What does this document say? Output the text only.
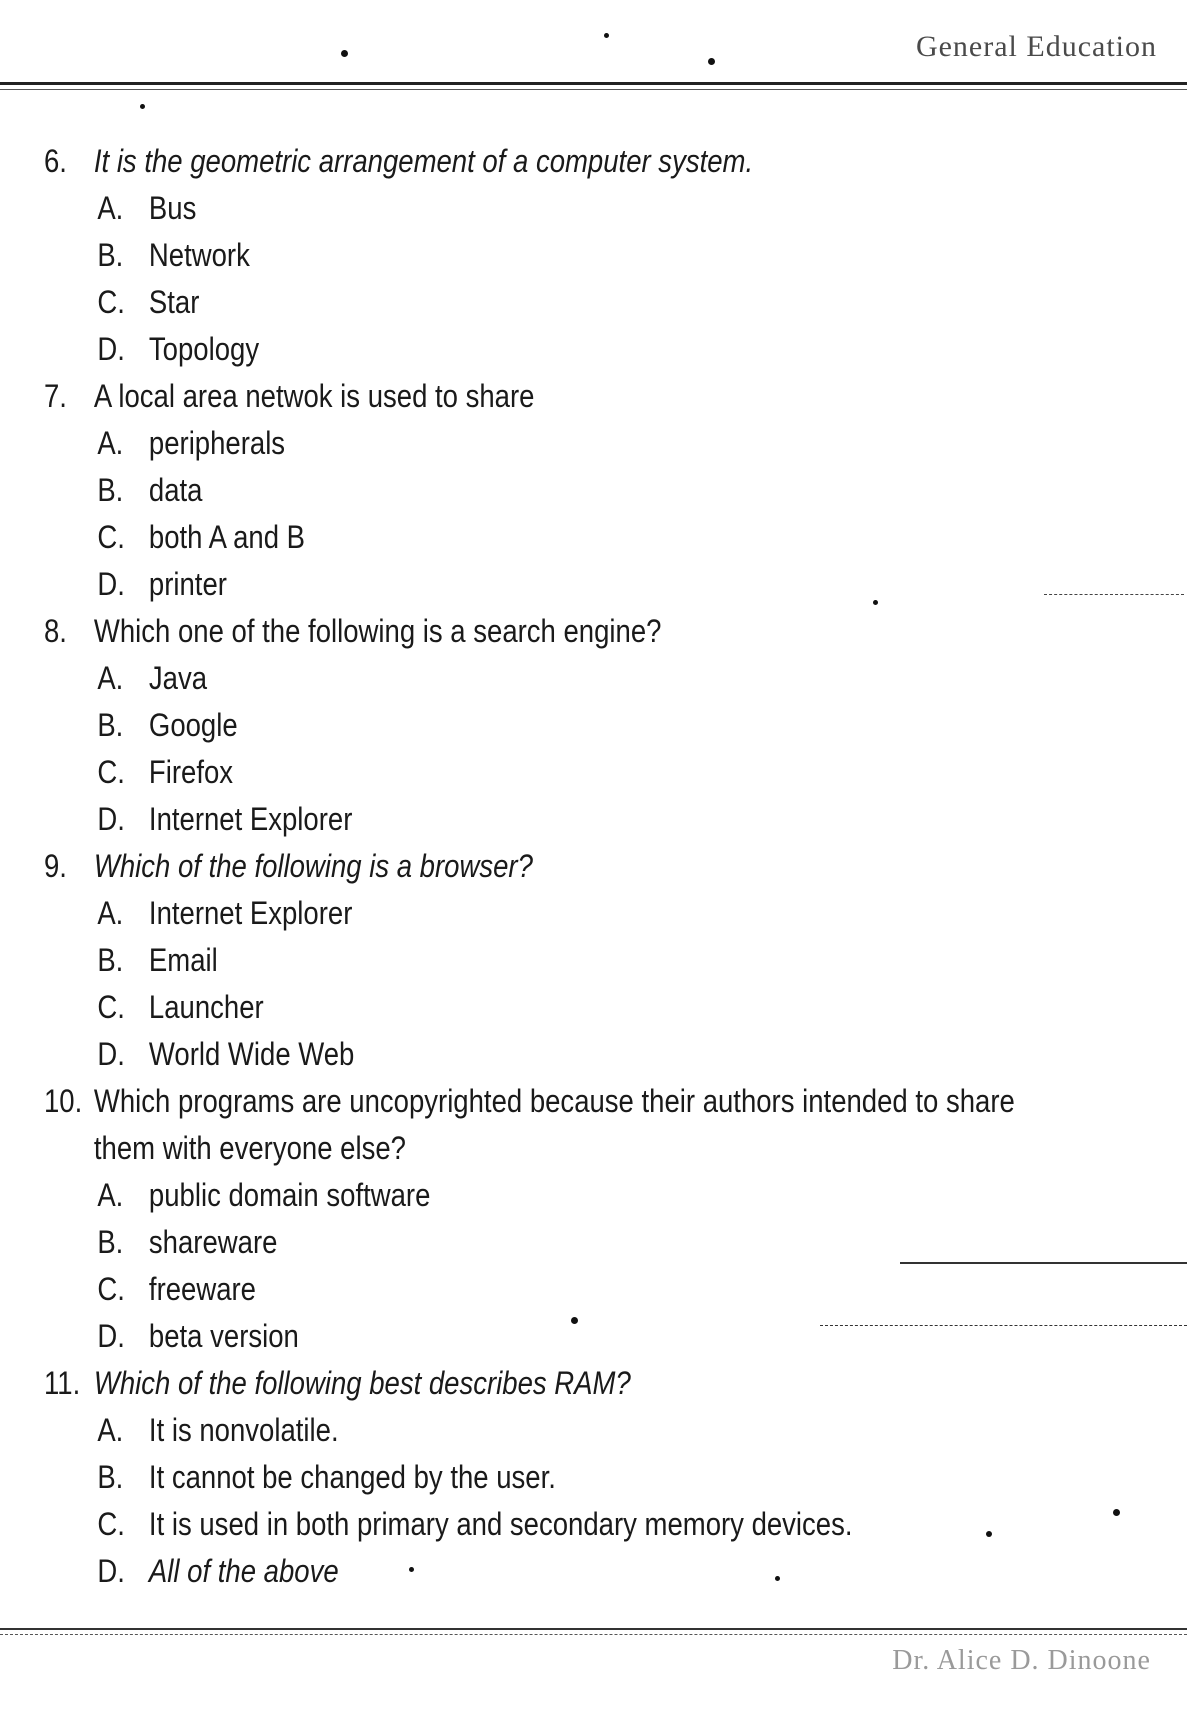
General Education
6. It is the geometric arrangement of a computer system.
A. Bus
B. Network
C. Star
D. Topology
7. A local area netwok is used to share
A. peripherals
B. data
C. both A and B
D. printer
8. Which one of the following is a search engine?
A. Java
B. Google
C. Firefox
D. Internet Explorer
9. Which of the following is a browser?
A. Internet Explorer
B. Email
C. Launcher
D. World Wide Web
10. Which programs are uncopyrighted because their authors intended to share
them with everyone else?
A. public domain software
B. shareware
C. freeware
D. beta version
11. Which of the following best describes RAM?
A. It is nonvolatile.
B. It cannot be changed by the user.
C. It is used in both primary and secondary memory devices.
D. All of the above
Dr. Alice D. Dinoone
